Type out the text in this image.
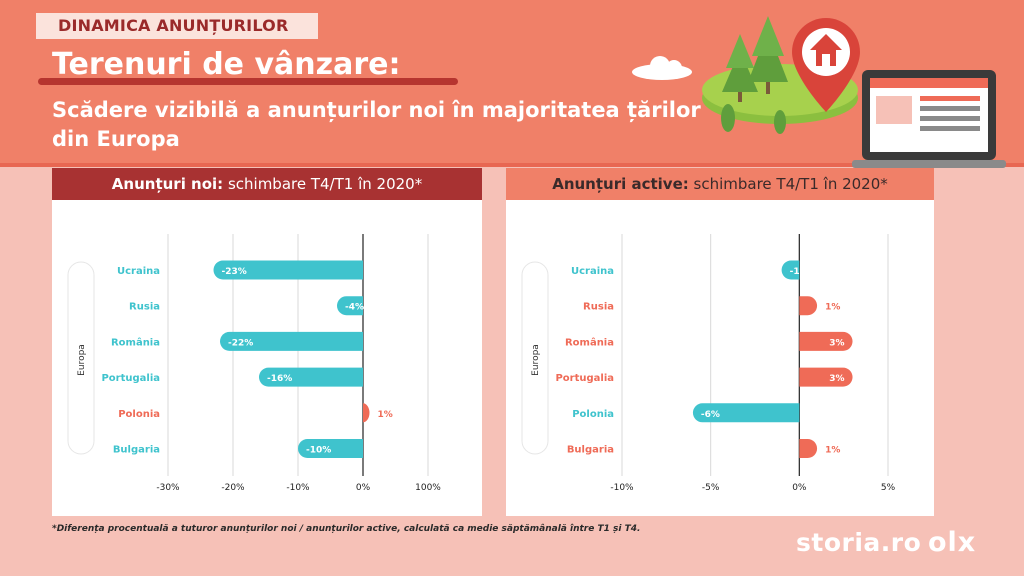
DINAMICA ANUNȚURILOR
Terenuri de vânzare:
Scădere vizibilă a anunțurilor noi în majoritatea țărilor din Europa
Anunțuri noi: schimbare T4/T1 în 2020*
Europa
-30%	-20%	-10%	0%	100%
Ucraina	-23%
Rusia	-4%
România	-22%
Portugalia	-16%
Polonia	1%
Bulgaria	-10%
Anunțuri active: schimbare T4/T1 în 2020*
Europa
-10%	-5%	0%	5%
Ucraina	-1%
Rusia	1%
România	3%
Portugalia	3%
Polonia	-6%
Bulgaria	1%
*Diferența procentuală a tuturor anunțurilor noi / anunțurilor active, calculată ca medie săptămânală între T1 și T4.	storia.ro olx
